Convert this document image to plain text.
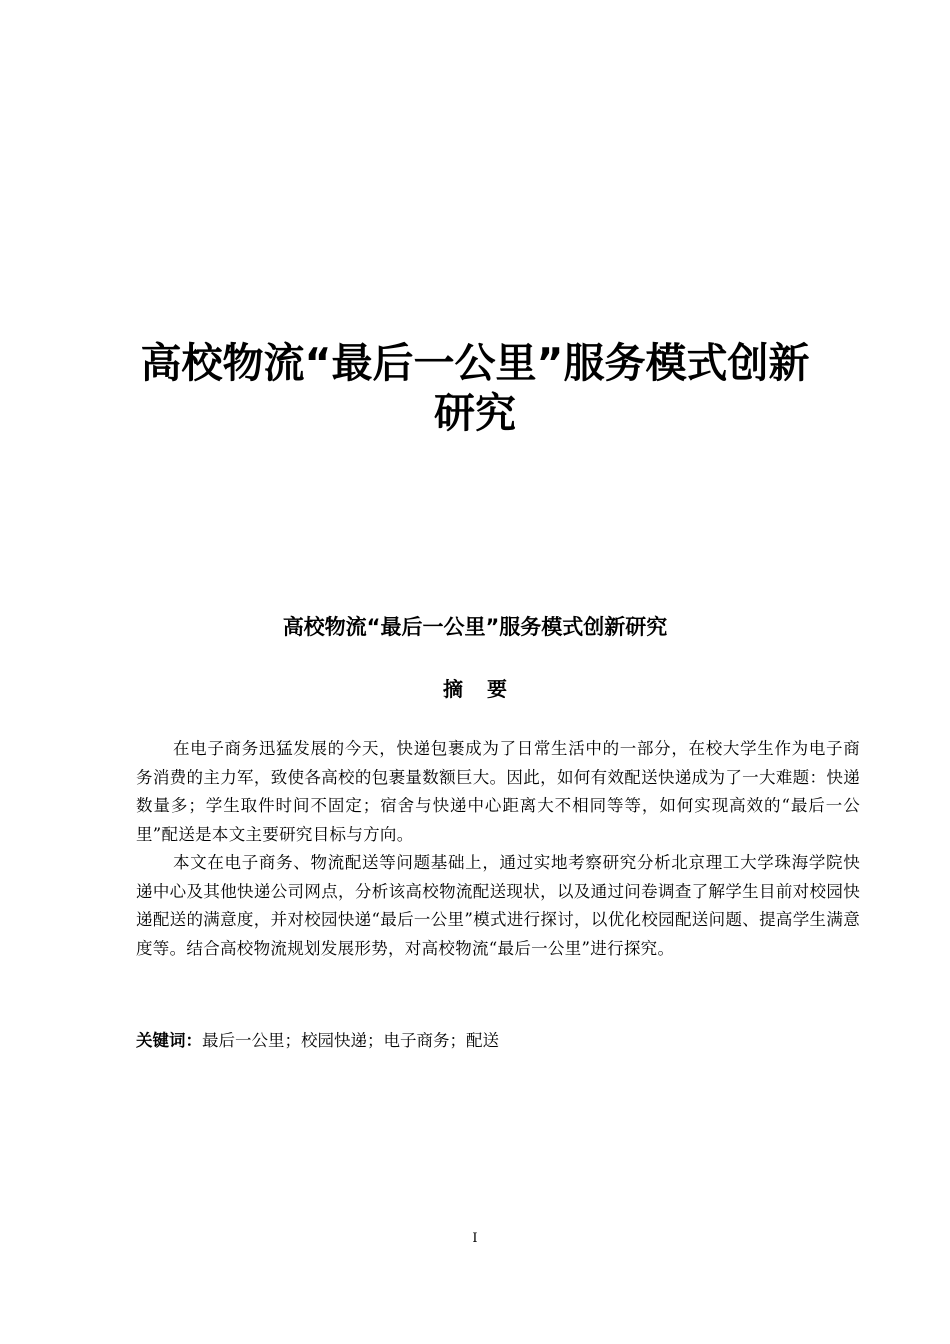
高校物流“最后一公里”服务模式创新
研究
高校物流“最后一公里”服务模式创新研究
摘要

在电子商务迅猛发展的今天，快递包裹成为了日常生活中的一部分，在校大学生作为电子商务消费的主力军，致使各高校的包裹量数额巨大。因此，如何有效配送快递成为了一大难题：快递数量多；学生取件时间不固定；宿舍与快递中心距离大不相同等等，如何实现高效的“最后一公里”配送是本文主要研究目标与方向。

本文在电子商务、物流配送等问题基础上，通过实地考察研究分析北京理工大学珠海学院快递中心及其他快递公司网点，分析该高校物流配送现状，以及通过问卷调查了解学生目前对校园快递配送的满意度，并对校园快递“最后一公里”模式进行探讨，以优化校园配送问题、提高学生满意度等。结合高校物流规划发展形势，对高校物流“最后一公里”进行探究。

关键词：最后一公里；校园快递；电子商务；配送
I
